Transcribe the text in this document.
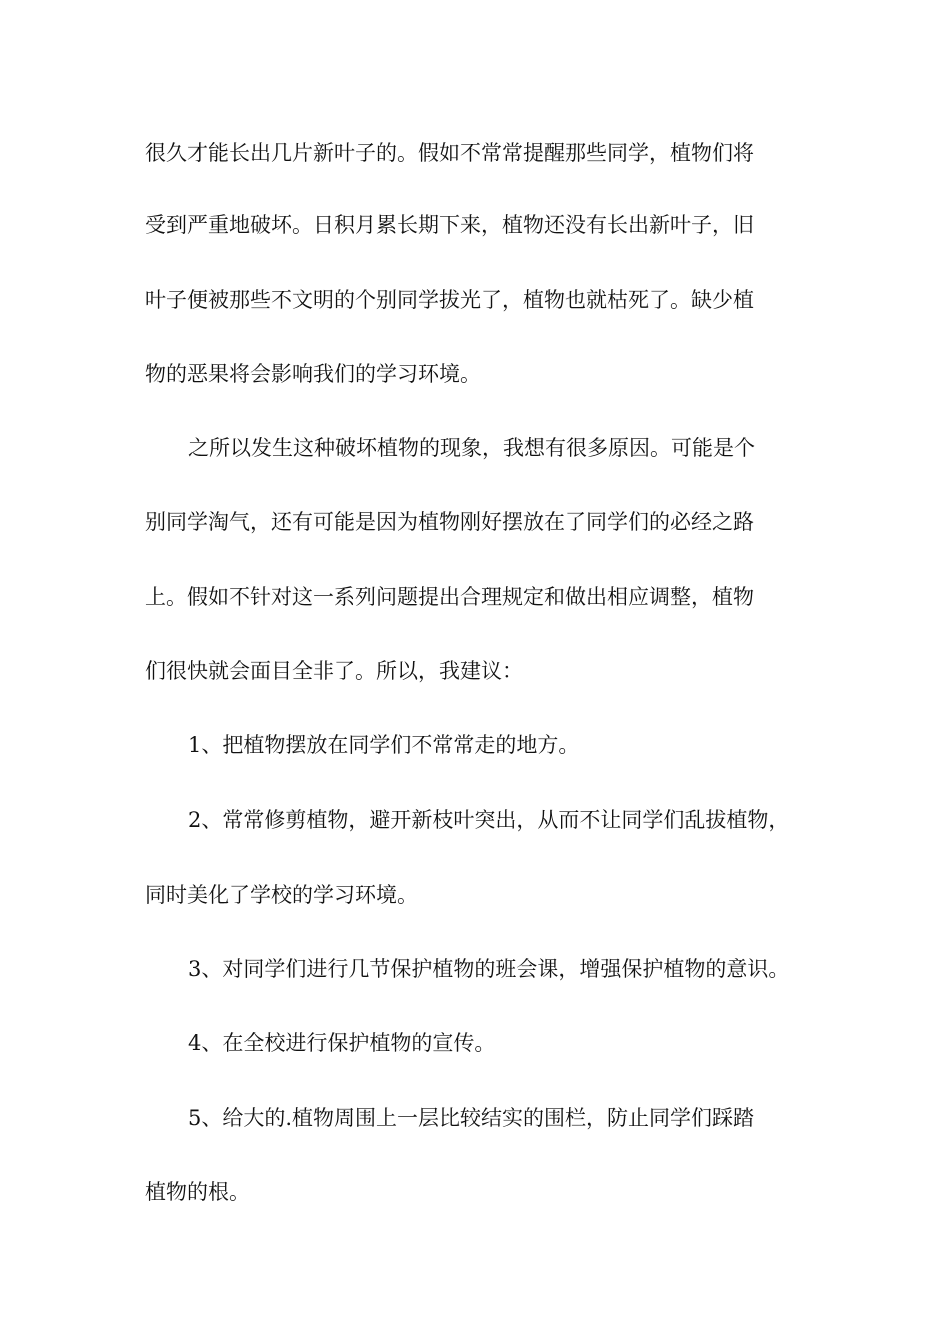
很久才能长出几片新叶子的。假如不常常提醒那些同学，植物们将

受到严重地破坏。日积月累长期下来，植物还没有长出新叶子，旧

叶子便被那些不文明的个别同学拔光了，植物也就枯死了。缺少植

物的恶果将会影响我们的学习环境。

之所以发生这种破坏植物的现象，我想有很多原因。可能是个

别同学淘气，还有可能是因为植物刚好摆放在了同学们的必经之路

上。假如不针对这一系列问题提出合理规定和做出相应调整，植物

们很快就会面目全非了。所以，我建议：

1、把植物摆放在同学们不常常走的地方。

2、常常修剪植物，避开新枝叶突出，从而不让同学们乱拔植物，

同时美化了学校的学习环境。

3、对同学们进行几节保护植物的班会课，增强保护植物的意识。

4、在全校进行保护植物的宣传。

5、给大的.植物周围上一层比较结实的围栏，防止同学们踩踏

植物的根。
